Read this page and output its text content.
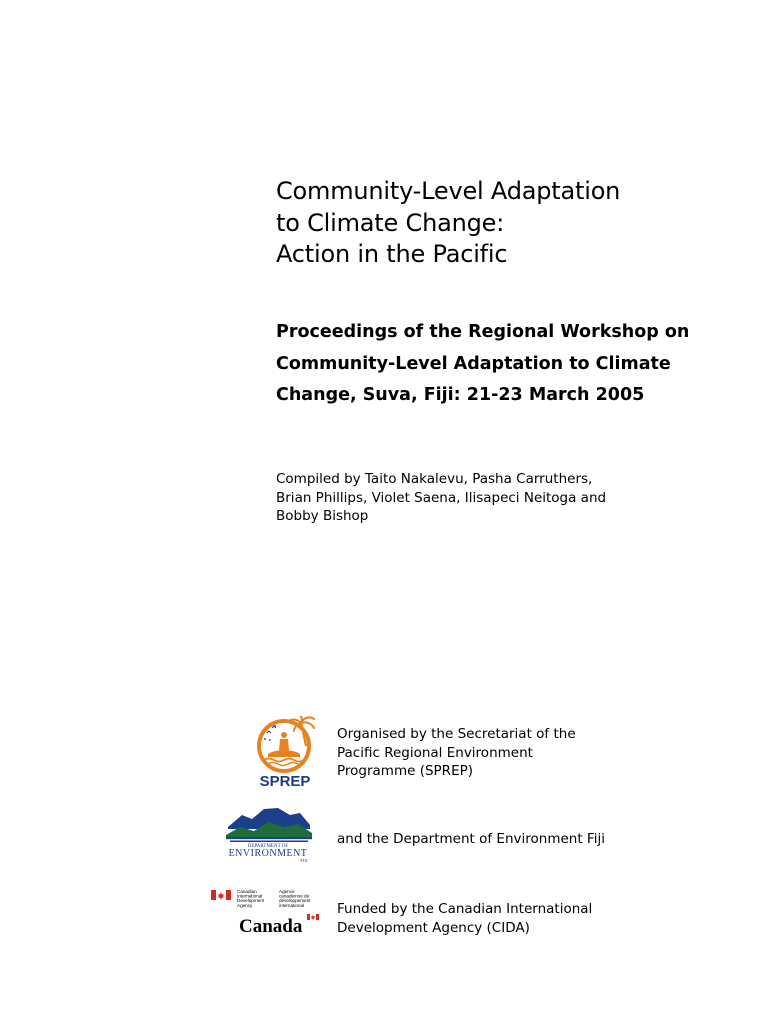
Community-Level Adaptation
to Climate Change:
Action in the Pacific
Proceedings of the Regional Workshop on
Community-Level Adaptation to Climate
Change, Suva, Fiji: 21-23 March 2005

Compiled by Taito Nakalevu, Pasha Carruthers,
Brian Phillips, Violet Saena, Ilisapeci Neitoga and
Bobby Bishop

SPREP

Organised by the Secretariat of the
Pacific Regional Environment
Programme (SPREP)

DEPARTMENT OF
ENVIRONMENT
FIJI

and the Department of Environment Fiji

Canadian International Development Agency
Agence canadienne de développement international
Canada

Funded by the Canadian International
Development Agency (CIDA)
